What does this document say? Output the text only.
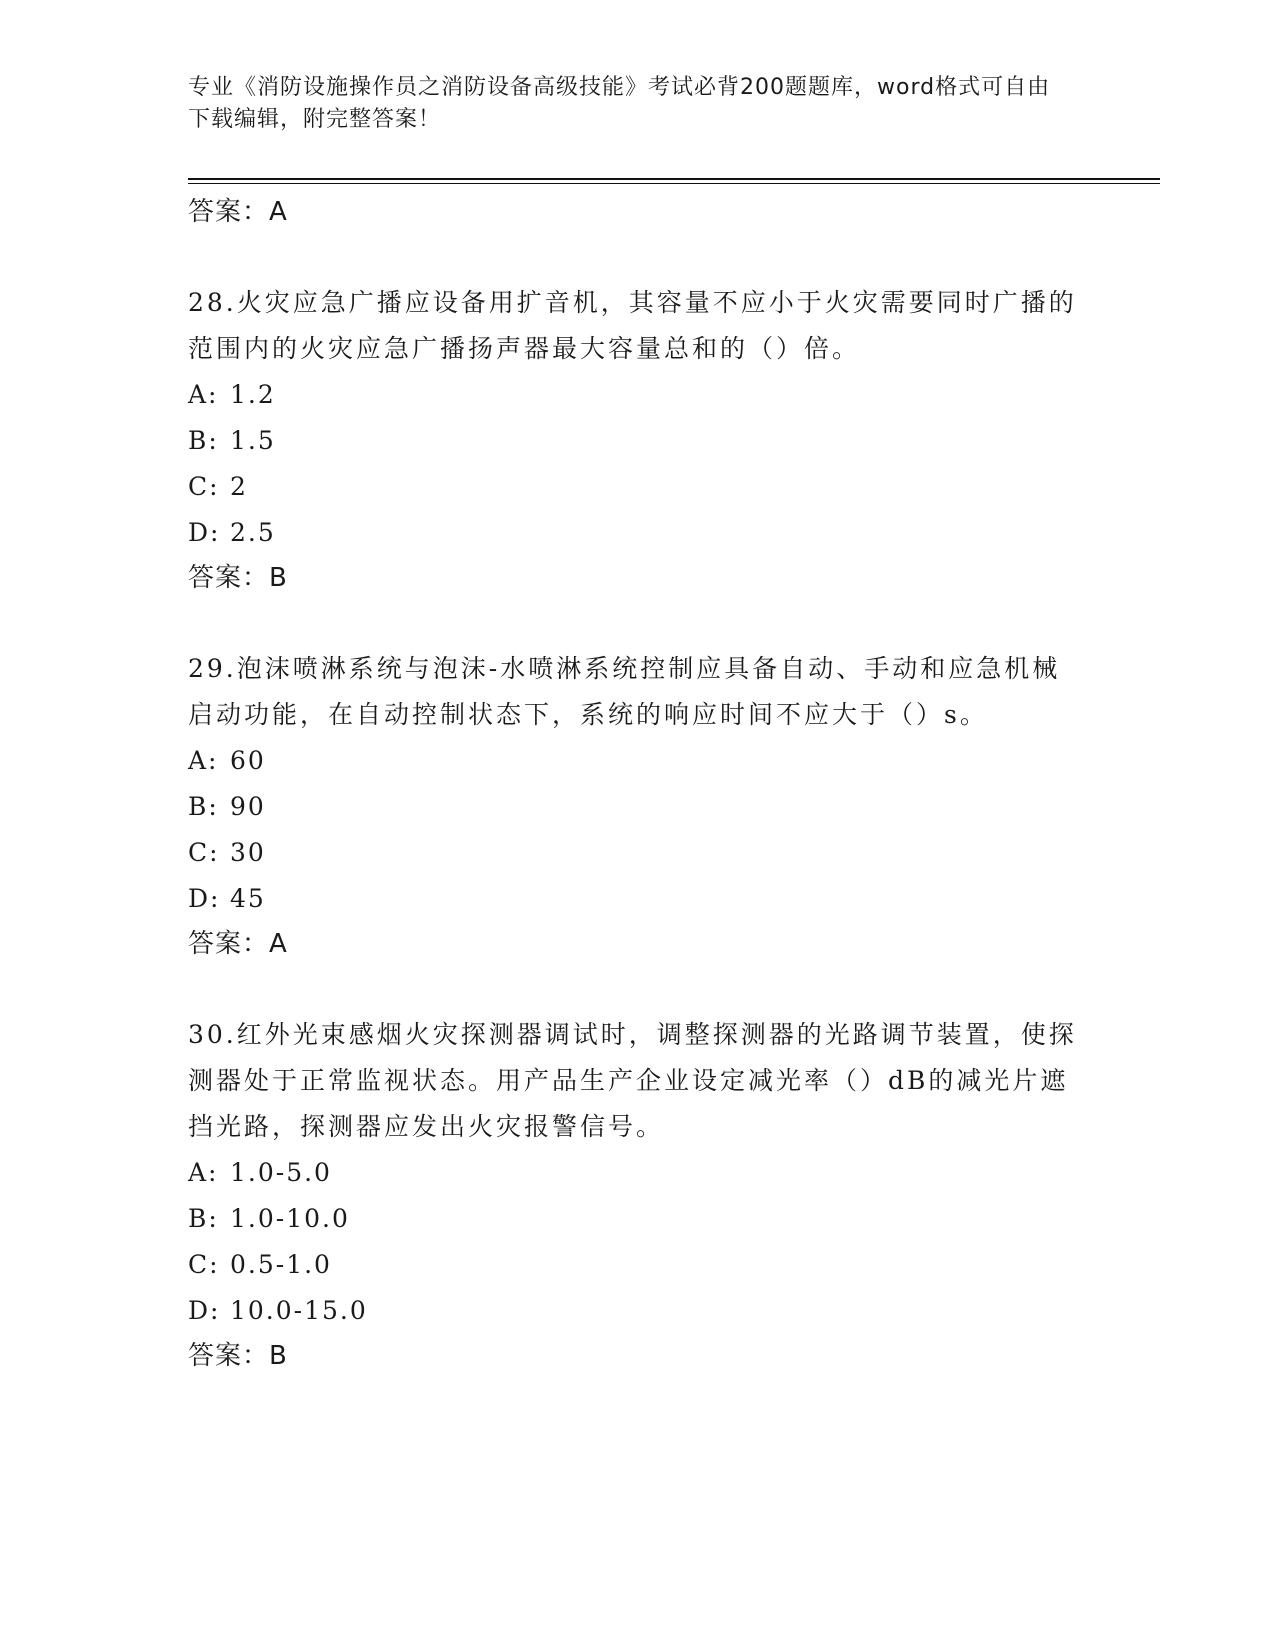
专业《消防设施操作员之消防设备高级技能》考试必背200题题库，word格式可自由下载编辑，附完整答案！
答案：A

28.火灾应急广播应设备用扩音机，其容量不应小于火灾需要同时广播的范围内的火灾应急广播扬声器最大容量总和的（）倍。

A: 1.2
B: 1.5
C: 2
D: 2.5
答案：B

29.泡沫喷淋系统与泡沫-水喷淋系统控制应具备自动、手动和应急机械启动功能，在自动控制状态下，系统的响应时间不应大于（）s。

A: 60
B: 90
C: 30
D: 45
答案：A

30.红外光束感烟火灾探测器调试时，调整探测器的光路调节装置，使探测器处于正常监视状态。用产品生产企业设定减光率（）dB的减光片遮挡光路，探测器应发出火灾报警信号。

A: 1.0-5.0
B: 1.0-10.0
C: 0.5-1.0
D: 10.0-15.0
答案：B
